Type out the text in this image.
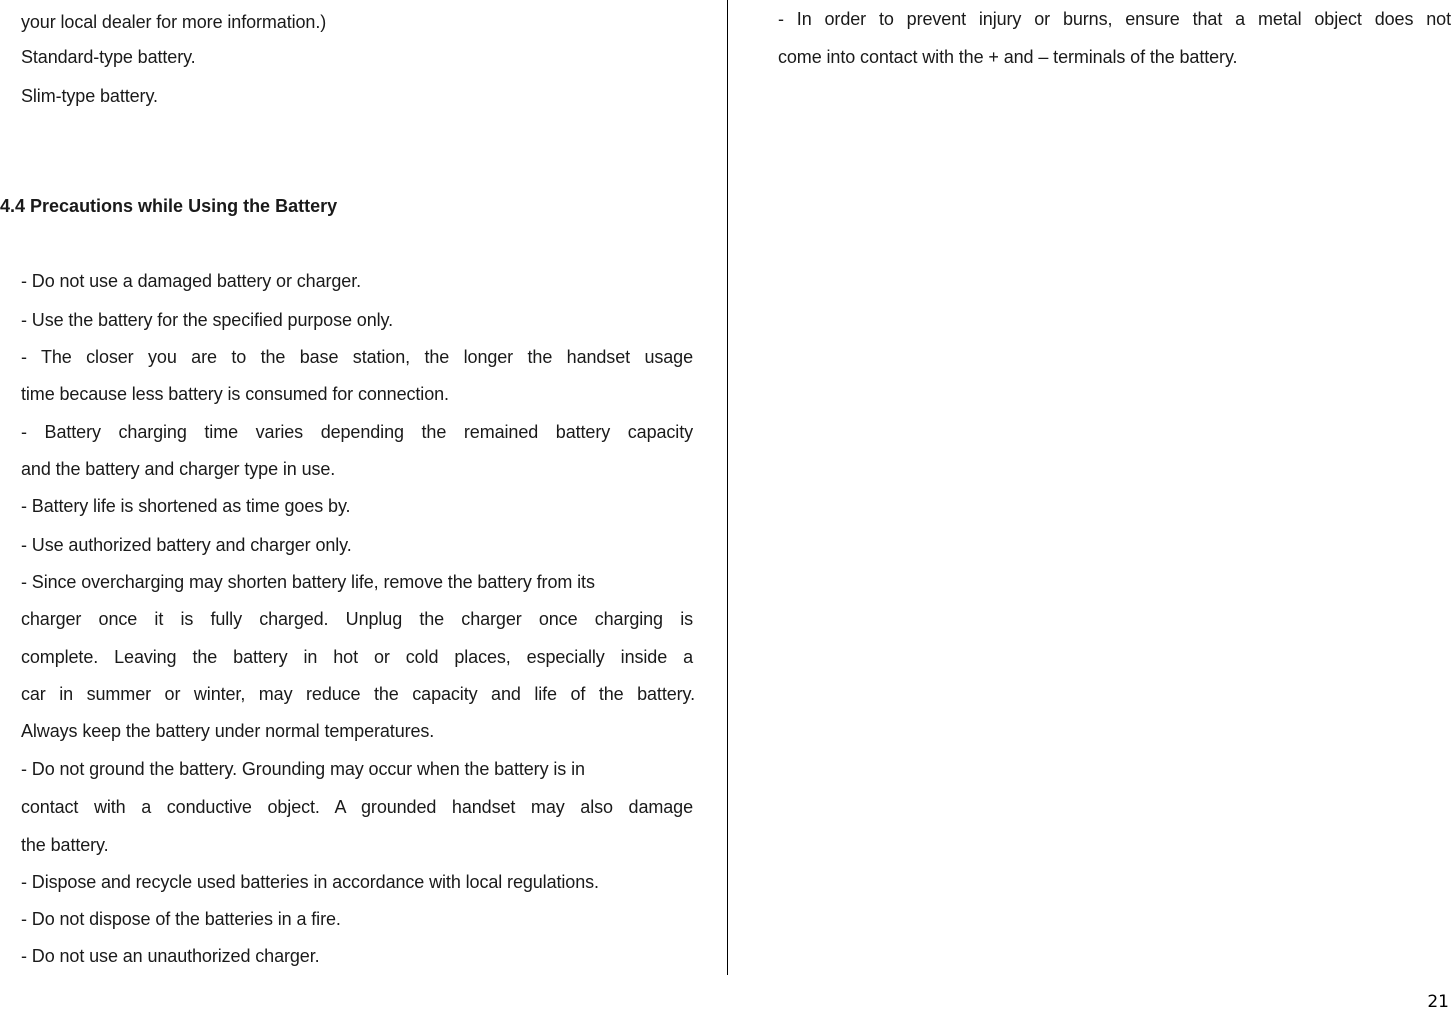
your local dealer for more information.)
Standard-type battery.
Slim-type battery.
4.4 Precautions while Using the Battery
- Do not use a damaged battery or charger.
- Use the battery for the specified purpose only.
- The closer you are to the base station, the longer the handset usage
time because less battery is consumed for connection.
- Battery charging time varies depending the remained battery capacity
and the battery and charger type in use.
- Battery life is shortened as time goes by.
- Use authorized battery and charger only.
- Since overcharging may shorten battery life, remove the battery from its
charger once it is fully charged. Unplug the charger once charging is
complete. Leaving the battery in hot or cold places, especially inside a
car in summer or winter, may reduce the capacity and life of the battery.
Always keep the battery under normal temperatures.
- Do not ground the battery. Grounding may occur when the battery is in
contact with a conductive object. A grounded handset may also damage
the battery.
- Dispose and recycle used batteries in accordance with local regulations.
- Do not dispose of the batteries in a fire.
- Do not use an unauthorized charger.
- In order to prevent injury or burns, ensure that a metal object does not
come into contact with the + and – terminals of the battery.
21
